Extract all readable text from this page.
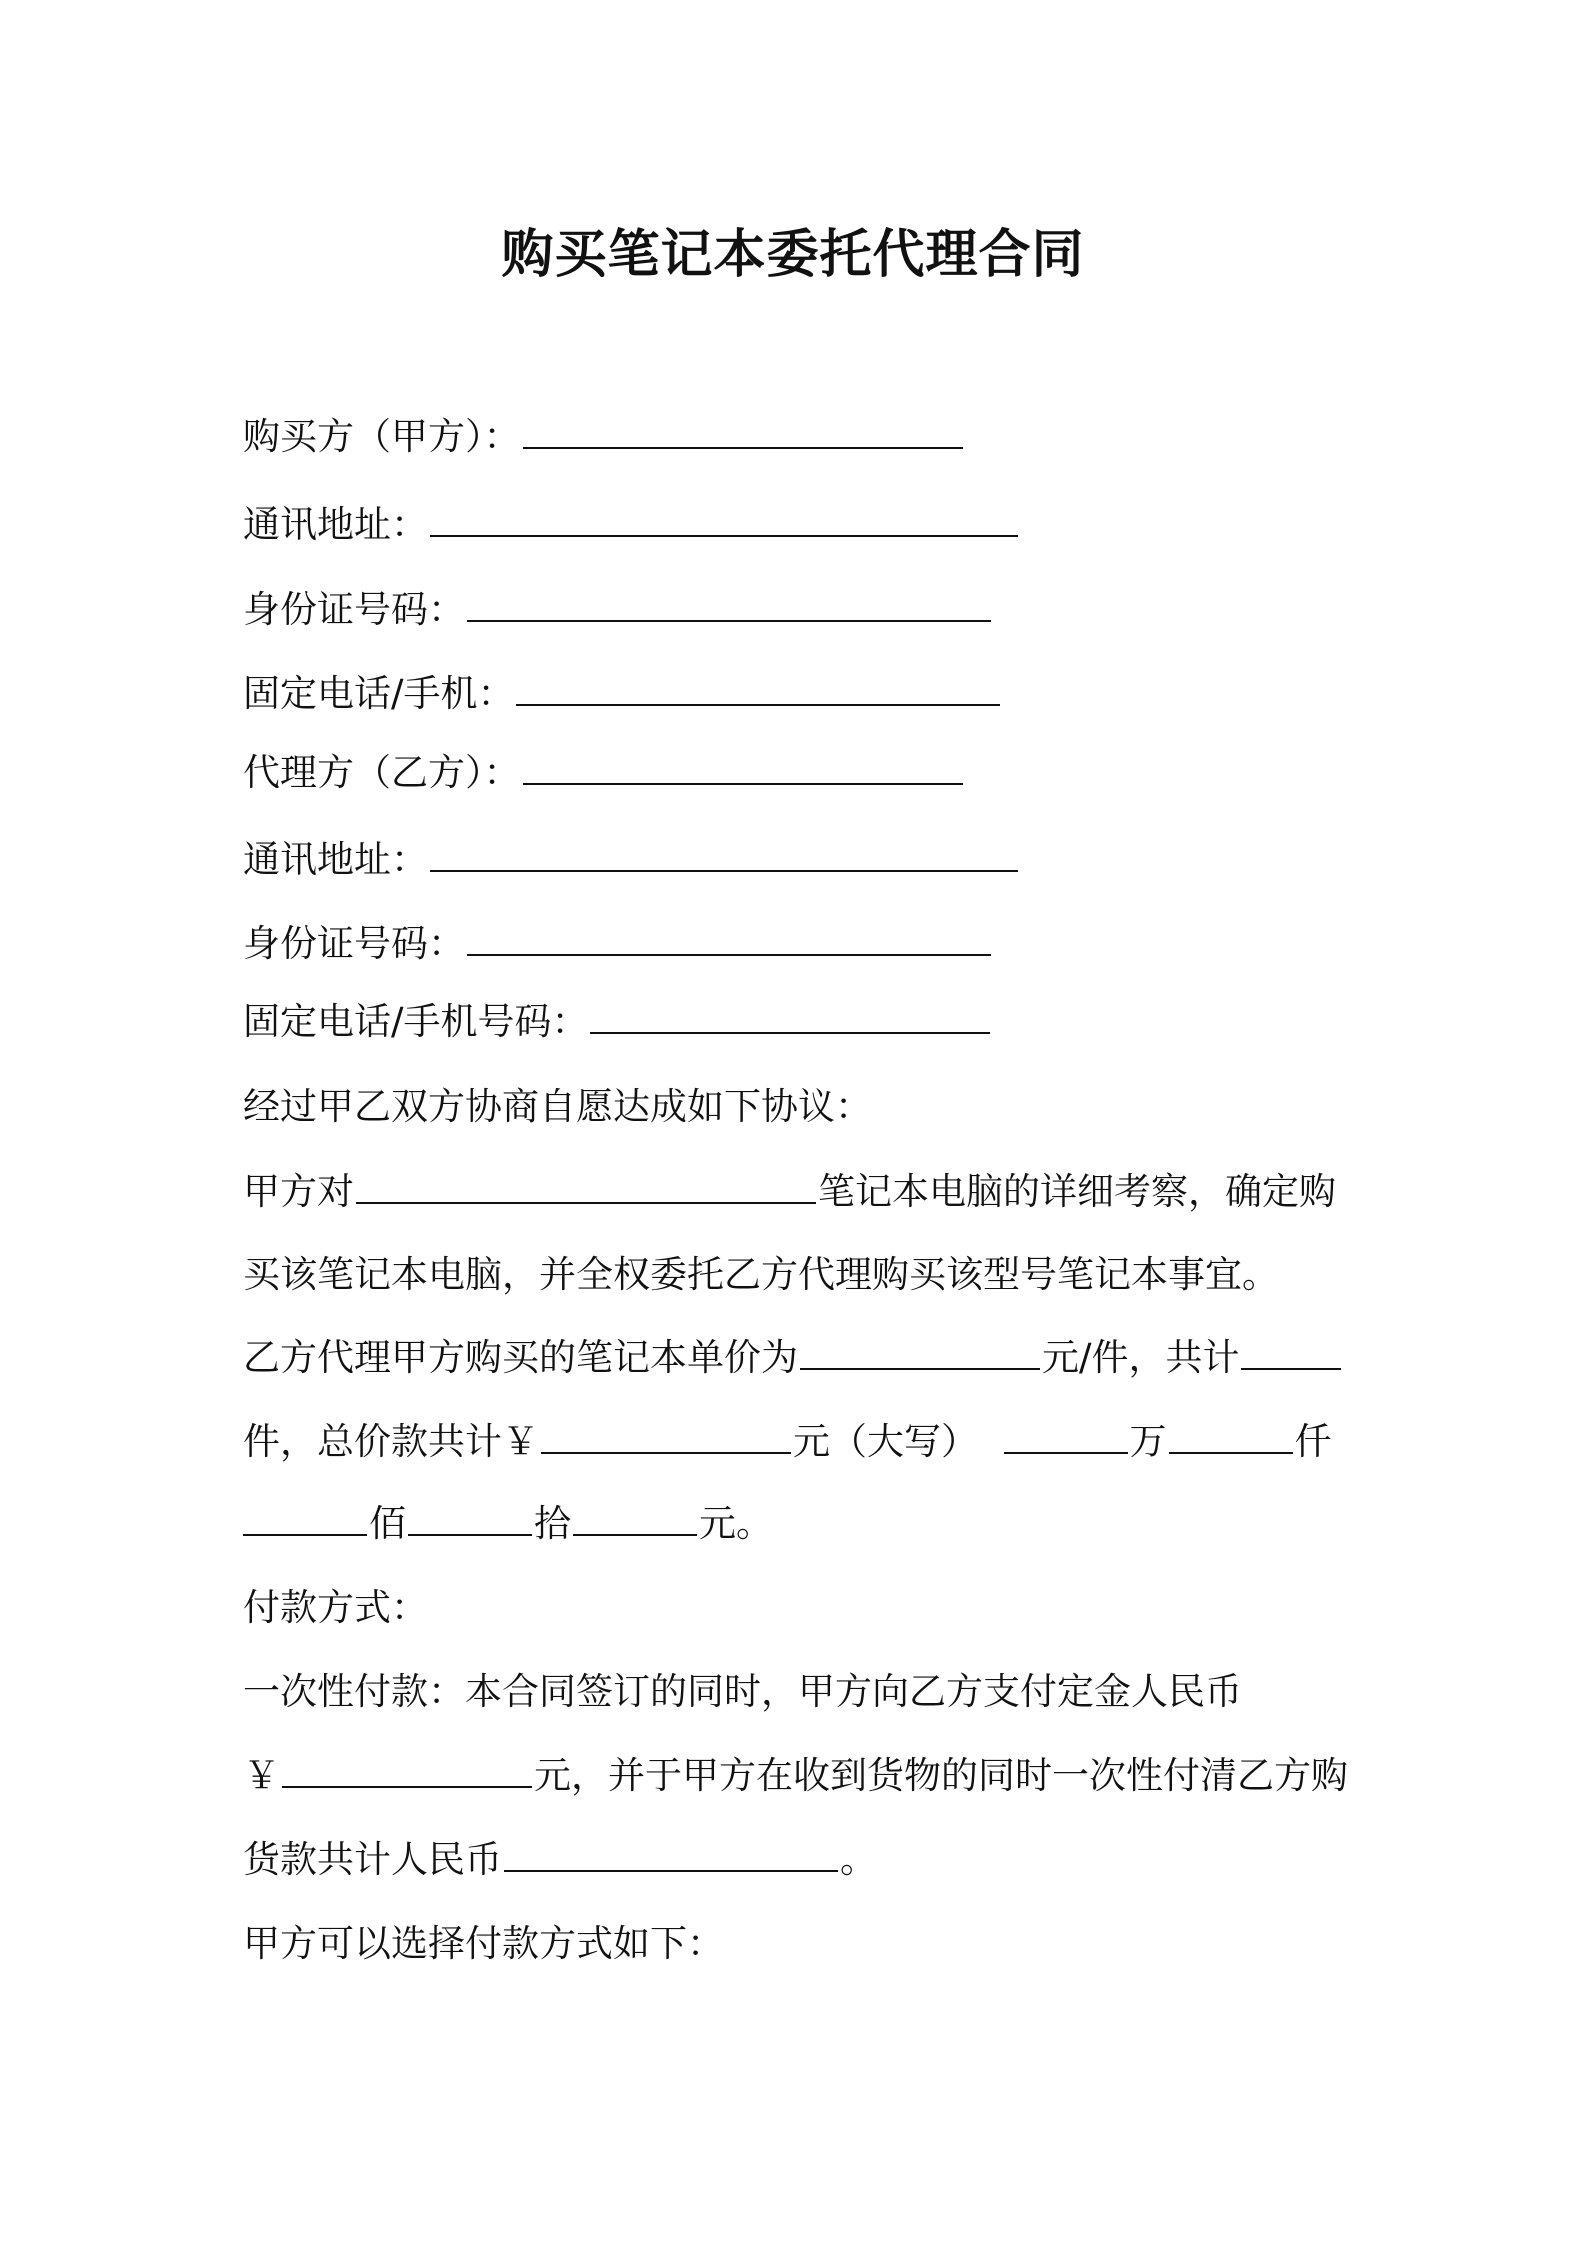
购买笔记本委托代理合同
购买方（甲方）：
通讯地址：
身份证号码：
固定电话/手机：
代理方（乙方）：
通讯地址：
身份证号码：
固定电话/手机号码：
经过甲乙双方协商自愿达成如下协议：
甲方对	笔记本电脑的详细考察，确定购
买该笔记本电脑，并全权委托乙方代理购买该型号笔记本事宜。
乙方代理甲方购买的笔记本单价为	元/件，共计
件，总价款共计￥	元（大写）	万	仟
佰	拾	元。
付款方式：
一次性付款：本合同签订的同时，甲方向乙方支付定金人民币
￥	元，并于甲方在收到货物的同时一次性付清乙方购
货款共计人民币	。
甲方可以选择付款方式如下：
